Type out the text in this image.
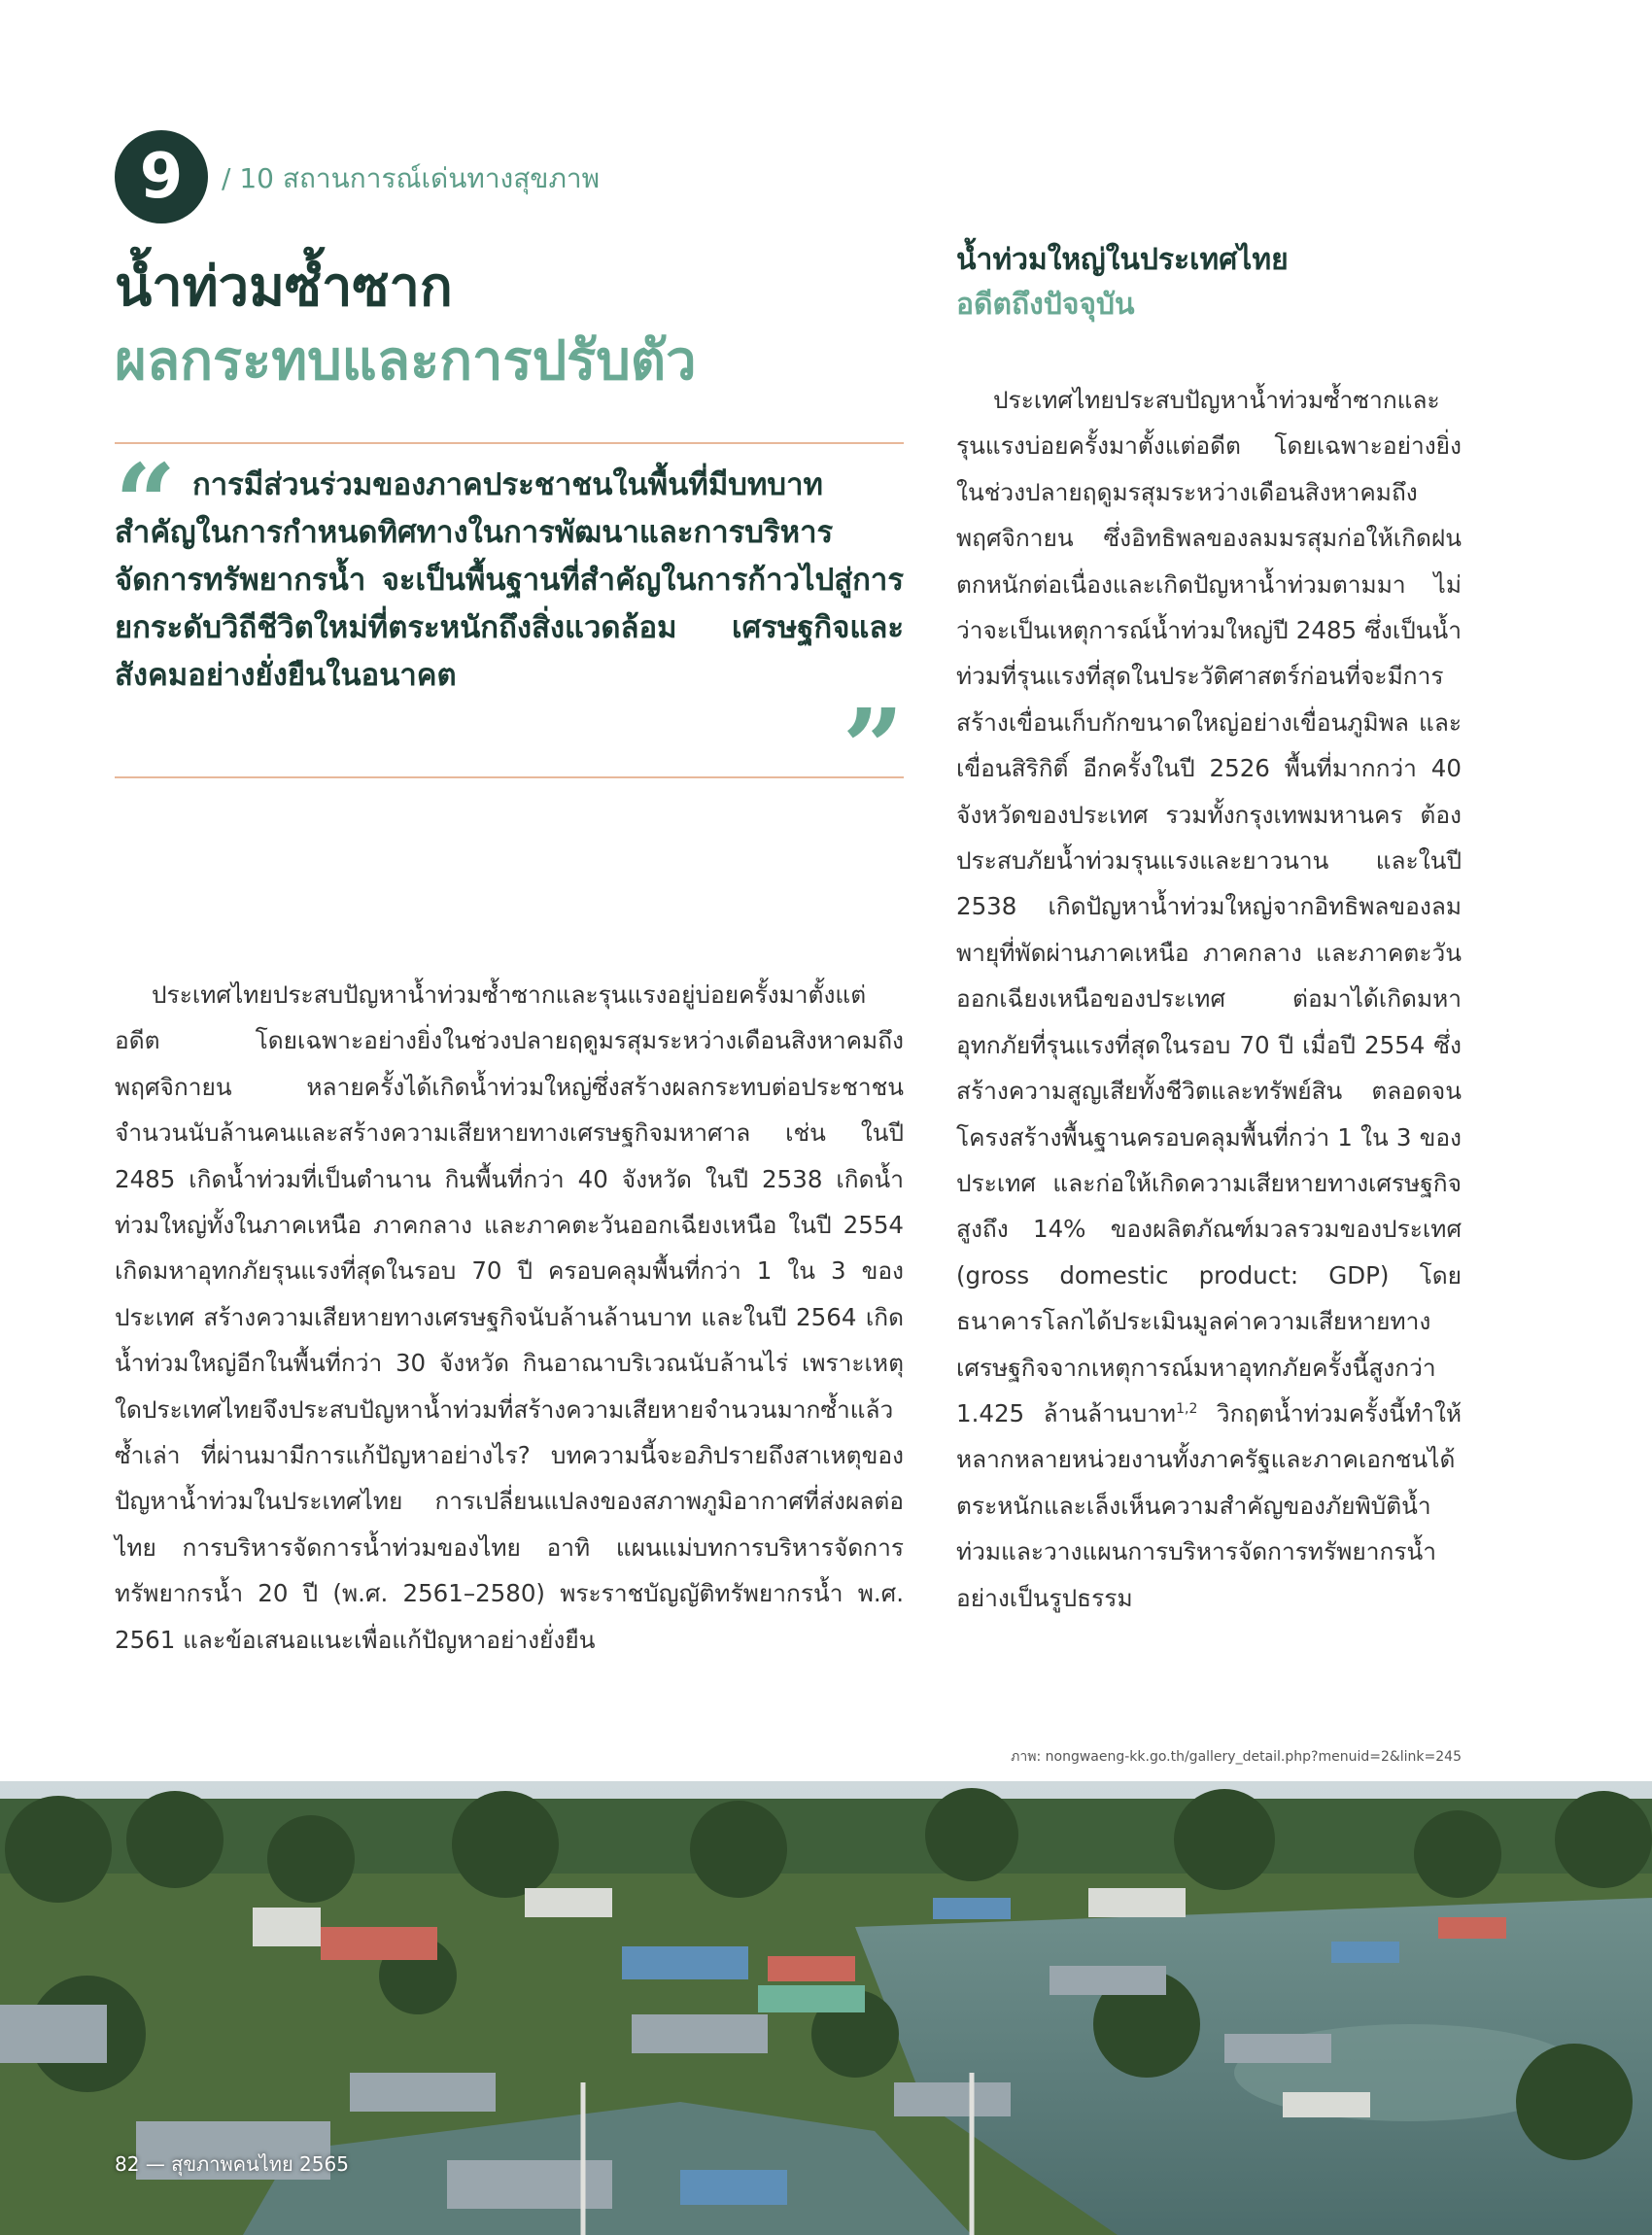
9	/ 10 สถานการณ์เด่นทางสุขภาพ
น้ำท่วมซ้ำซาก
ผลกระทบและการปรับตัว
“ การมีส่วนร่วมของภาคประชาชนในพื้นที่มีบทบาทสำคัญในการกำหนดทิศทางในการพัฒนาและการบริหารจัดการทรัพยากรน้ำ จะเป็นพื้นฐานที่สำคัญในการก้าวไปสู่การยกระดับวิถีชีวิตใหม่ที่ตระหนักถึงสิ่งแวดล้อม เศรษฐกิจและสังคมอย่างยั่งยืนในอนาคต
”

ประเทศไทยประสบปัญหาน้ำท่วมซ้ำซากและรุนแรงอยู่บ่อยครั้งมาตั้งแต่อดีต โดยเฉพาะอย่างยิ่งในช่วงปลายฤดูมรสุมระหว่างเดือนสิงหาคมถึงพฤศจิกายน หลายครั้งได้เกิดน้ำท่วมใหญ่ซึ่งสร้างผลกระทบต่อประชาชนจำนวนนับล้านคนและสร้างความเสียหายทางเศรษฐกิจมหาศาล เช่น ในปี 2485 เกิดน้ำท่วมที่เป็นตำนาน กินพื้นที่กว่า 40 จังหวัด ในปี 2538 เกิดน้ำท่วมใหญ่ทั้งในภาคเหนือ ภาคกลาง และภาคตะวันออกเฉียงเหนือ ในปี 2554 เกิดมหาอุทกภัยรุนแรงที่สุดในรอบ 70 ปี ครอบคลุมพื้นที่กว่า 1 ใน 3 ของประเทศ สร้างความเสียหายทางเศรษฐกิจนับล้านล้านบาท และในปี 2564 เกิดน้ำท่วมใหญ่อีกในพื้นที่กว่า 30 จังหวัด กินอาณาบริเวณนับล้านไร่ เพราะเหตุใดประเทศไทยจึงประสบปัญหาน้ำท่วมที่สร้างความเสียหายจำนวนมากซ้ำแล้วซ้ำเล่า ที่ผ่านมามีการแก้ปัญหาอย่างไร? บทความนี้จะอภิปรายถึงสาเหตุของปัญหาน้ำท่วมในประเทศไทย การเปลี่ยนแปลงของสภาพภูมิอากาศที่ส่งผลต่อไทย การบริหารจัดการน้ำท่วมของไทย อาทิ แผนแม่บทการบริหารจัดการทรัพยากรน้ำ 20 ปี (พ.ศ. 2561–2580) พระราชบัญญัติทรัพยากรน้ำ พ.ศ. 2561 และข้อเสนอแนะเพื่อแก้ปัญหาอย่างยั่งยืน

น้ำท่วมใหญ่ในประเทศไทย
อดีตถึงปัจจุบัน

ประเทศไทยประสบปัญหาน้ำท่วมซ้ำซากและรุนแรงบ่อยครั้งมาตั้งแต่อดีต โดยเฉพาะอย่างยิ่งในช่วงปลายฤดูมรสุมระหว่างเดือนสิงหาคมถึงพฤศจิกายน ซึ่งอิทธิพลของลมมรสุมก่อให้เกิดฝนตกหนักต่อเนื่องและเกิดปัญหาน้ำท่วมตามมา ไม่ว่าจะเป็นเหตุการณ์น้ำท่วมใหญ่ปี 2485 ซึ่งเป็นน้ำท่วมที่รุนแรงที่สุดในประวัติศาสตร์ก่อนที่จะมีการสร้างเขื่อนเก็บกักขนาดใหญ่อย่างเขื่อนภูมิพล และเขื่อนสิริกิติ์ อีกครั้งในปี 2526 พื้นที่มากกว่า 40 จังหวัดของประเทศ รวมทั้งกรุงเทพมหานคร ต้องประสบภัยน้ำท่วมรุนแรงและยาวนาน และในปี 2538 เกิดปัญหาน้ำท่วมใหญ่จากอิทธิพลของลมพายุที่พัดผ่านภาคเหนือ ภาคกลาง และภาคตะวันออกเฉียงเหนือของประเทศ ต่อมาได้เกิดมหาอุทกภัยที่รุนแรงที่สุดในรอบ 70 ปี เมื่อปี 2554 ซึ่งสร้างความสูญเสียทั้งชีวิตและทรัพย์สิน ตลอดจนโครงสร้างพื้นฐานครอบคลุมพื้นที่กว่า 1 ใน 3 ของประเทศ และก่อให้เกิดความเสียหายทางเศรษฐกิจสูงถึง 14% ของผลิตภัณฑ์มวลรวมของประเทศ (gross domestic product: GDP) โดยธนาคารโลกได้ประเมินมูลค่าความเสียหายทางเศรษฐกิจจากเหตุการณ์มหาอุทกภัยครั้งนี้สูงกว่า 1.425 ล้านล้านบาท$^{1,2}$ วิกฤตน้ำท่วมครั้งนี้ทำให้หลากหลายหน่วยงานทั้งภาครัฐและภาคเอกชนได้ตระหนักและเล็งเห็นความสำคัญของภัยพิบัติน้ำท่วมและวางแผนการบริหารจัดการทรัพยากรน้ำอย่างเป็นรูปธรรม

ภาพ: nongwaeng-kk.go.th/gallery_detail.php?menuid=2&link=245
82 — สุขภาพคนไทย 2565
